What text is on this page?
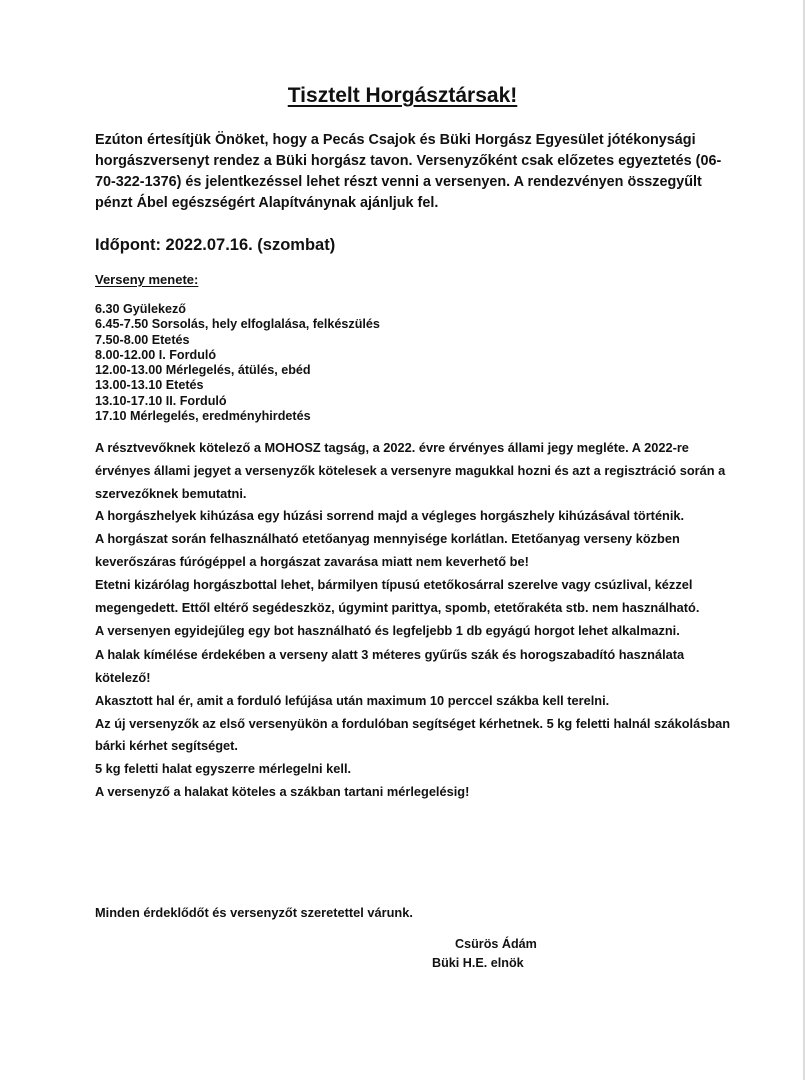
Tisztelt Horgásztársak!

Ezúton értesítjük Önöket, hogy a Pecás Csajok és Büki Horgász Egyesület jótékonysági horgászversenyt rendez a Büki horgász tavon. Versenyzőként csak előzetes egyeztetés (06-70-322-1376) és jelentkezéssel lehet részt venni a versenyen. A rendezvényen összegyűlt pénzt Ábel egészségért Alapítványnak ajánljuk fel.

Időpont: 2022.07.16. (szombat)
Verseny menete:
6.30 Gyülekező
6.45-7.50 Sorsolás, hely elfoglalása, felkészülés
7.50-8.00 Etetés
8.00-12.00 I. Forduló
12.00-13.00 Mérlegelés, átülés, ebéd
13.00-13.10 Etetés
13.10-17.10 II. Forduló
17.10 Mérlegelés, eredményhirdetés

A résztvevőknek kötelező a MOHOSZ tagság, a 2022. évre érvényes állami jegy megléte. A 2022-re érvényes állami jegyet a versenyzők kötelesek a versenyre magukkal hozni és azt a regisztráció során a szervezőknek bemutatni.

A horgászhelyek kihúzása egy húzási sorrend majd a végleges horgászhely kihúzásával történik.

A horgászat során felhasználható etetőanyag mennyisége korlátlan. Etetőanyag verseny közben keverőszáras fúrógéppel a horgászat zavarása miatt nem keverhető be!

Etetni kizárólag horgászbottal lehet, bármilyen típusú etetőkosárral szerelve vagy csúzlival, kézzel megengedett. Ettől eltérő segédeszköz, úgymint parittya, spomb, etetőrakéta stb. nem használható.

A versenyen egyidejűleg egy bot használható és legfeljebb 1 db egyágú horgot lehet alkalmazni.

A halak kímélése érdekében a verseny alatt 3 méteres gyűrűs szák és horogszabadító használata kötelező!

Akasztott hal ér, amit a forduló lefújása után maximum 10 perccel szákba kell terelni.

Az új versenyzők az első versenyükön a fordulóban segítséget kérhetnek. 5 kg feletti halnál szákolásban bárki kérhet segítséget.

5 kg feletti halat egyszerre mérlegelni kell.

A versenyző a halakat köteles a szákban tartani mérlegelésig!

Minden érdeklődőt és versenyzőt szeretettel várunk.
Csürös Ádám
Büki H.E. elnök
